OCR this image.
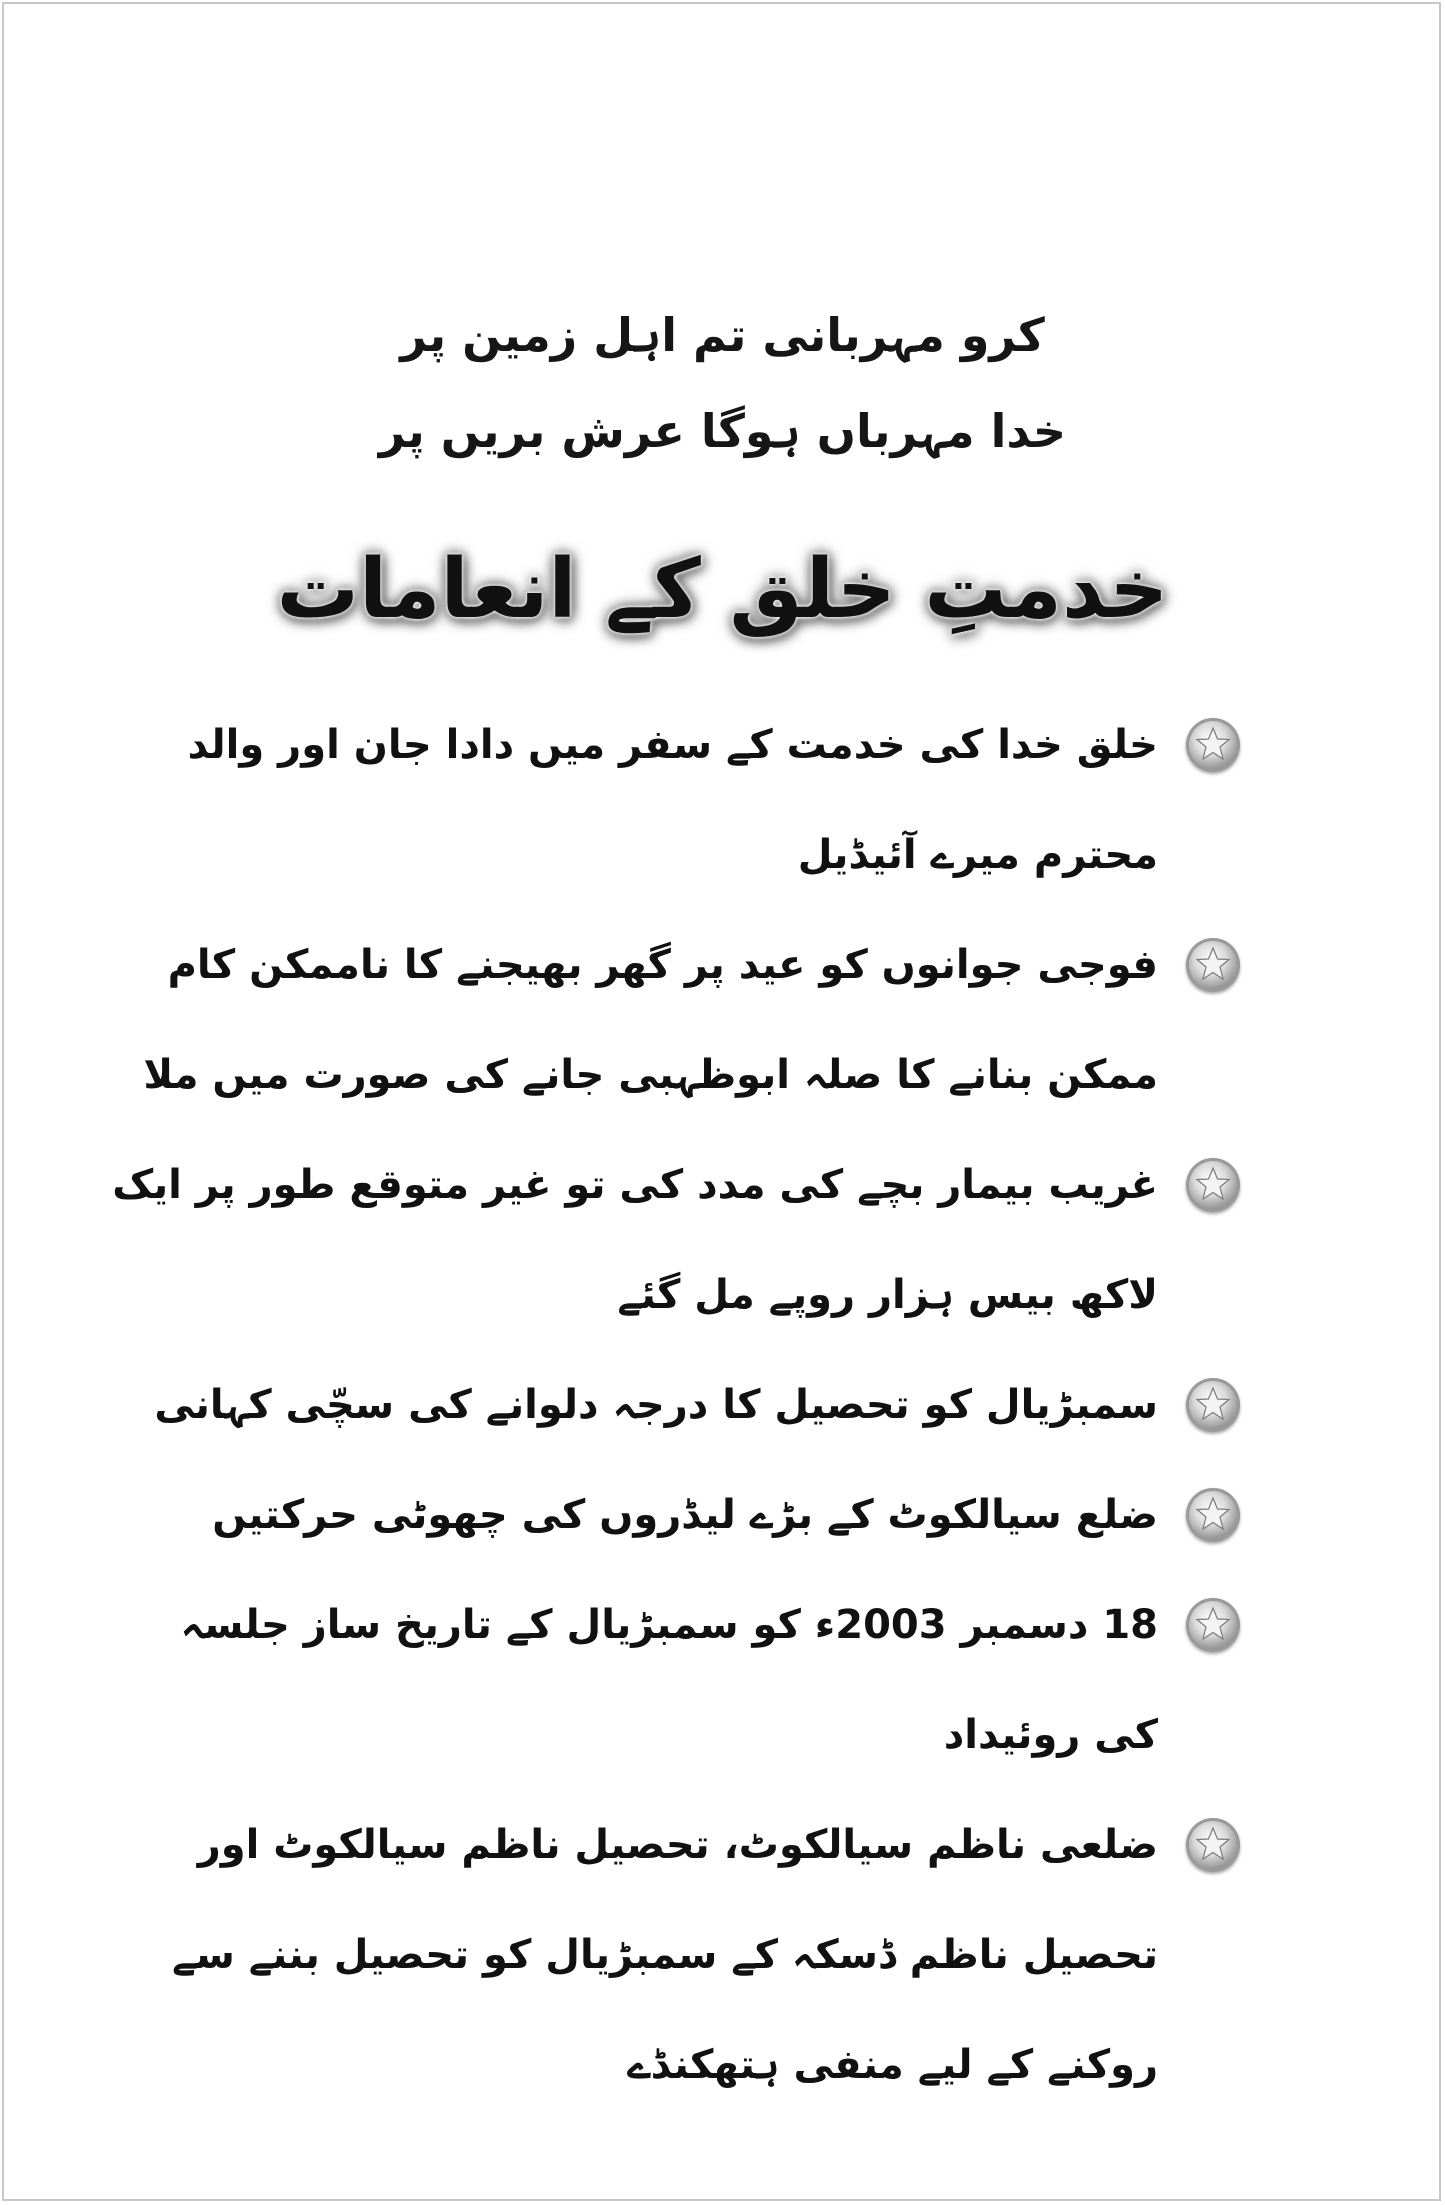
کرو مہربانی تم اہل زمین پر
خدا مہرباں ہوگا عرش بریں پر
خدمتِ خلق کے انعامات
خلق خدا کی خدمت کے سفر میں دادا جان اور والد محترم میرے آئیڈیل
فوجی جوانوں کو عید پر گھر بھیجنے کا ناممکن کام ممکن بنانے کا صلہ ابوظہبی جانے کی صورت میں ملا
غریب بیمار بچے کی مدد کی تو غیر متوقع طور پر ایک لاکھ بیس ہزار روپے مل گئے
سمبڑیال کو تحصیل کا درجہ دلوانے کی سچّی کہانی
ضلع سیالکوٹ کے بڑے لیڈروں کی چھوٹی حرکتیں
18 دسمبر 2003ء کو سمبڑیال کے تاریخ ساز جلسہ کی روئیداد
ضلعی ناظم سیالکوٹ، تحصیل ناظم سیالکوٹ اور تحصیل ناظم ڈسکہ کے سمبڑیال کو تحصیل بننے سے روکنے کے لیے منفی ہتھکنڈے
